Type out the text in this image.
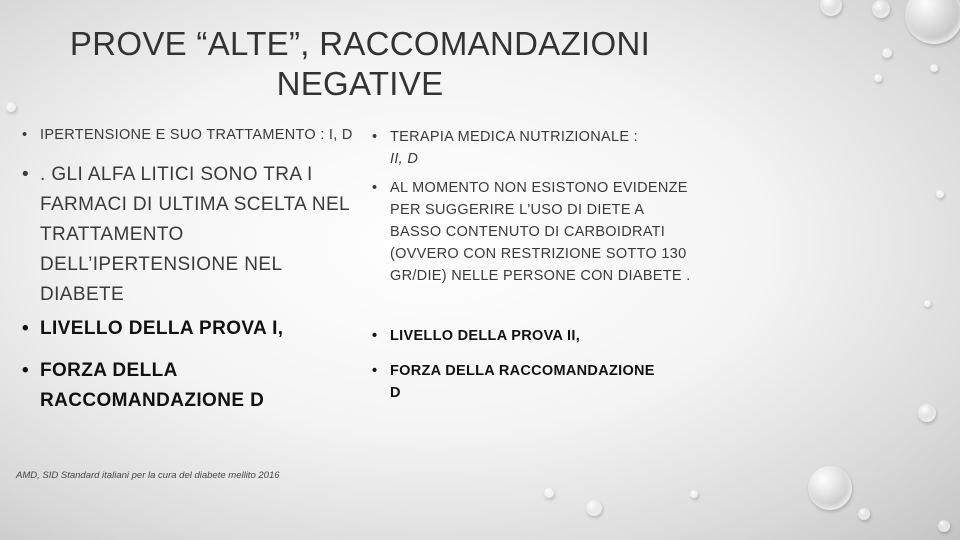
PROVE “ALTE”, RACCOMANDAZIONI
NEGATIVE
• IPERTENSIONE E SUO TRATTAMENTO : I, D
• . GLI ALFA LITICI SONO TRA I FARMACI DI ULTIMA SCELTA NEL TRATTAMENTO DELL’IPERTENSIONE NEL DIABETE
• LIVELLO DELLA PROVA I,
• FORZA DELLA RACCOMANDAZIONE D
• TERAPIA MEDICA NUTRIZIONALE :
II, D
• AL MOMENTO NON ESISTONO EVIDENZE PER SUGGERIRE L'USO DI DIETE A BASSO CONTENUTO DI CARBOIDRATI (OVVERO CON RESTRIZIONE SOTTO 130 GR/DIE) NELLE PERSONE CON DIABETE .
• LIVELLO DELLA PROVA II,
• FORZA DELLA RACCOMANDAZIONE
D
AMD, SID Standard italiani per la cura del diabete mellito 2016
